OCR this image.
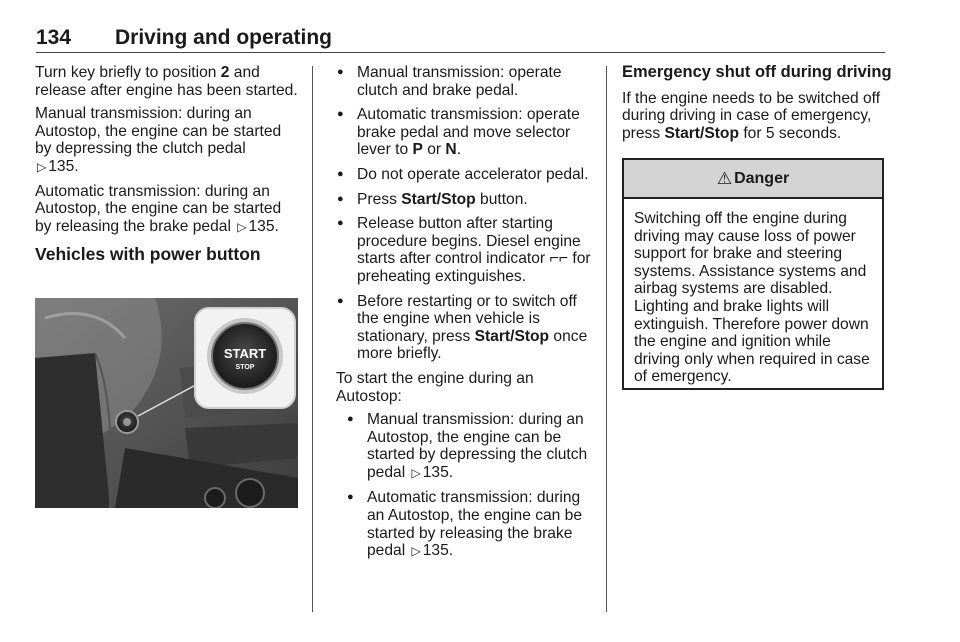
134 Driving and operating

Turn key briefly to position 2 and release after engine has been started.

Manual transmission: during an Autostop, the engine can be started by depressing the clutch pedal
▷ 135.

Automatic transmission: during an Autostop, the engine can be started by releasing the brake pedal ▷ 135.

Vehicles with power button
START
STOP
● Manual transmission: operate clutch and brake pedal.
● Automatic transmission: operate brake pedal and move selector lever to P or N.
● Do not operate accelerator pedal.
● Press Start/Stop button.
● Release button after starting procedure begins. Diesel engine starts after control indicator ⌐⌐ for preheating extinguishes.
● Before restarting or to switch off the engine when vehicle is stationary, press Start/Stop once more briefly.

To start the engine during an Autostop:

● Manual transmission: during an Autostop, the engine can be started by depressing the clutch pedal ▷ 135.
● Automatic transmission: during an Autostop, the engine can be started by releasing the brake pedal ▷ 135.
Emergency shut off during driving

If the engine needs to be switched off during driving in case of emergency, press Start/Stop for 5 seconds.

⚠ Danger
Switching off the engine during driving may cause loss of power support for brake and steering systems. Assistance systems and airbag systems are disabled. Lighting and brake lights will extinguish. Therefore power down the engine and ignition while driving only when required in case of emergency.
